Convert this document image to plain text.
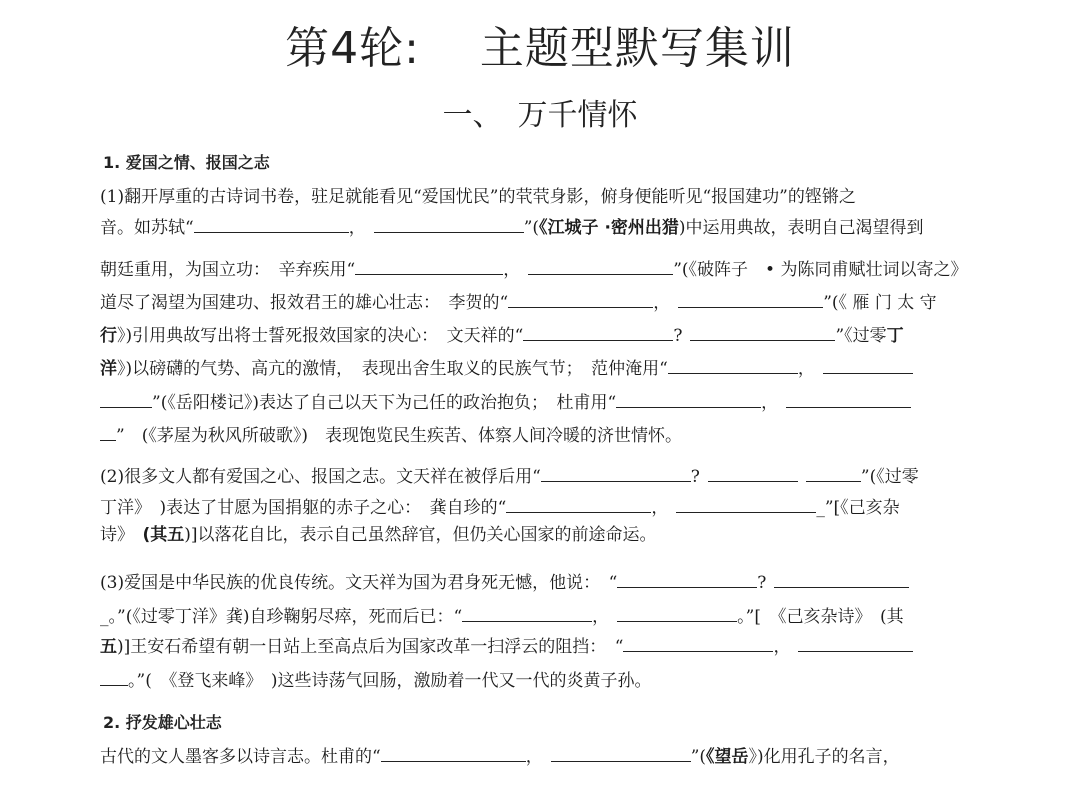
第4轮:　 主题型默写集训
一、　万千情怀
1. 爱国之情、报国之志
(1)翻开厚重的古诗词书卷，驻足就能看见“爱国忧民”的茕茕身影，俯身便能听见“报国建功”的铿锵之
音。如苏轼“	，	”(《江城子 ·密州出猎)中运用典故，表明自己渴望得到
朝廷重用，为国立功：　辛弃疾用“	，	”(《破阵子　• 为陈同甫赋壮词以寄之》
道尽了渴望为国建功、报效君王的雄心壮志：　李贺的“	，	”(《 雁 门 太 守
行》)引用典故写出将士誓死报效国家的决心：　文天祥的“	?	”《过零丁
洋》)以磅礴的气势、高亢的激情，　表现出舍生取义的民族气节；　范仲淹用“	，
”(《岳阳楼记》)表达了自己以天下为己任的政治抱负；　杜甫用“	，
”　(《茅屋为秋风所破歌》)　表现饱览民生疾苦、体察人间冷暖的济世情怀。
(2)很多文人都有爱国之心、报国之志。文天祥在被俘后用“	?	”(《过零
丁洋》　)表达了甘愿为国捐躯的赤子之心：　龚自珍的“	，	_”[《己亥杂
诗》　(其五)]以落花自比，表示自己虽然辞官，但仍关心国家的前途命运。
(3)爱国是中华民族的优良传统。文天祥为国为君身死无憾，他说：　“	?
_。”(《过零丁洋》龚)自珍鞠躬尽瘁，死而后已：“	，	。”[　《己亥杂诗》　(其
五)]王安石希望有朝一日站上至高点后为国家改革一扫浮云的阻挡：　“	，
。”(　《登飞来峰》　)这些诗荡气回肠，激励着一代又一代的炎黄子孙。
2. 抒发雄心壮志
古代的文人墨客多以诗言志。杜甫的“	，	”(《望岳》)化用孔子的名言，
